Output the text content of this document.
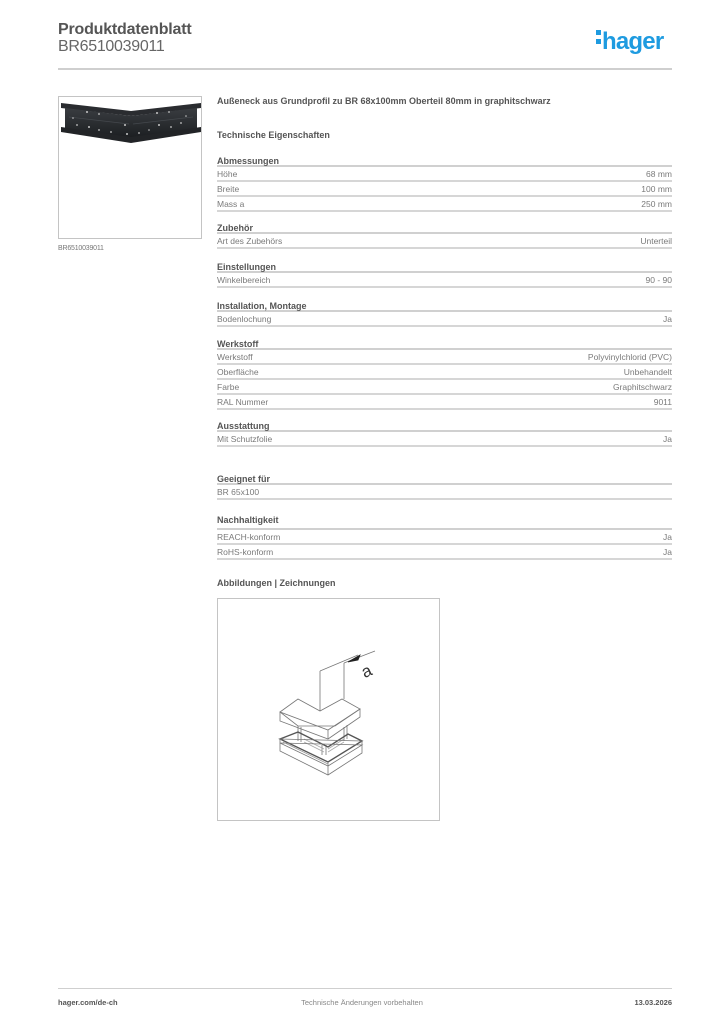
Produktdatenblatt
BR6510039011	hager
BR6510039011
Außeneck aus Grundprofil zu BR 68x100mm Oberteil 80mm in graphitschwarz
Technische Eigenschaften
Abmessungen
Höhe	68 mm
Breite	100 mm
Mass a	250 mm
Zubehör
Art des Zubehörs	Unterteil
Einstellungen
Winkelbereich	90 - 90
Installation, Montage
Bodenlochung	Ja
Werkstoff
Werkstoff	Polyvinylchlorid (PVC)
Oberfläche	Unbehandelt
Farbe	Graphitschwarz
RAL Nummer	9011
Ausstattung
Mit Schutzfolie	Ja
Geeignet für
BR 65x100
Nachhaltigkeit
REACH-konform	Ja
RoHS-konform	Ja
Abbildungen | Zeichnungen
a
hager.com/de-ch	Technische Änderungen vorbehalten	13.03.2026
